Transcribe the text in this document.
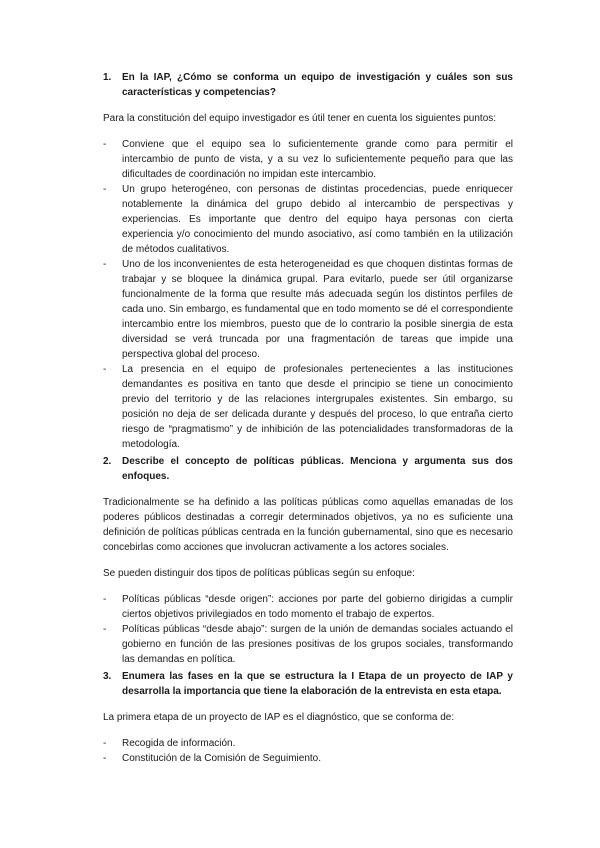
1.	En la IAP, ¿Cómo se conforma un equipo de investigación y cuáles son sus características y competencias?

Para la constitución del equipo investigador es útil tener en cuenta los siguientes puntos:

-	Conviene que el equipo sea lo suficientemente grande como para permitir el intercambio de punto de vista, y a su vez lo suficientemente pequeño para que las dificultades de coordinación no impidan este intercambio.
-	Un grupo heterogéneo, con personas de distintas procedencias, puede enriquecer notablemente la dinámica del grupo debido al intercambio de perspectivas y experiencias. Es importante que dentro del equipo haya personas con cierta experiencia y/o conocimiento del mundo asociativo, así como también en la utilización de métodos cualitativos.
-	Uno de los inconvenientes de esta heterogeneidad es que choquen distintas formas de trabajar y se bloquee la dinámica grupal. Para evitarlo, puede ser útil organizarse funcionalmente de la forma que resulte más adecuada según los distintos perfiles de cada uno. Sin embargo, es fundamental que en todo momento se dé el correspondiente intercambio entre los miembros, puesto que de lo contrario la posible sinergia de esta diversidad se verá truncada por una fragmentación de tareas que impide una perspectiva global del proceso.
-	La presencia en el equipo de profesionales pertenecientes a las instituciones demandantes es positiva en tanto que desde el principio se tiene un conocimiento previo del territorio y de las relaciones intergrupales existentes. Sin embargo, su posición no deja de ser delicada durante y después del proceso, lo que entraña cierto riesgo de “pragmatismo” y de inhibición de las potencialidades transformadoras de la metodología.
2.	Describe el concepto de políticas públicas. Menciona y argumenta sus dos enfoques.

Tradicionalmente se ha definido a las políticas públicas como aquellas emanadas de los poderes públicos destinadas a corregir determinados objetivos, ya no es suficiente una definición de políticas públicas centrada en la función gubernamental, sino que es necesario concebirlas como acciones que involucran activamente a los actores sociales.

Se pueden distinguir dos tipos de políticas públicas según su enfoque:

-	Políticas públicas “desde origen”: acciones por parte del gobierno dirigidas a cumplir ciertos objetivos privilegiados en todo momento el trabajo de expertos.
-	Políticas públicas “desde abajo”: surgen de la unión de demandas sociales actuando el gobierno en función de las presiones positivas de los grupos sociales, transformando las demandas en política.
3.	Enumera las fases en la que se estructura la I Etapa de un proyecto de IAP y desarrolla la importancia que tiene la elaboración de la entrevista en esta etapa.

La primera etapa de un proyecto de IAP es el diagnóstico, que se conforma de:

-	Recogida de información.
-	Constitución de la Comisión de Seguimiento.
